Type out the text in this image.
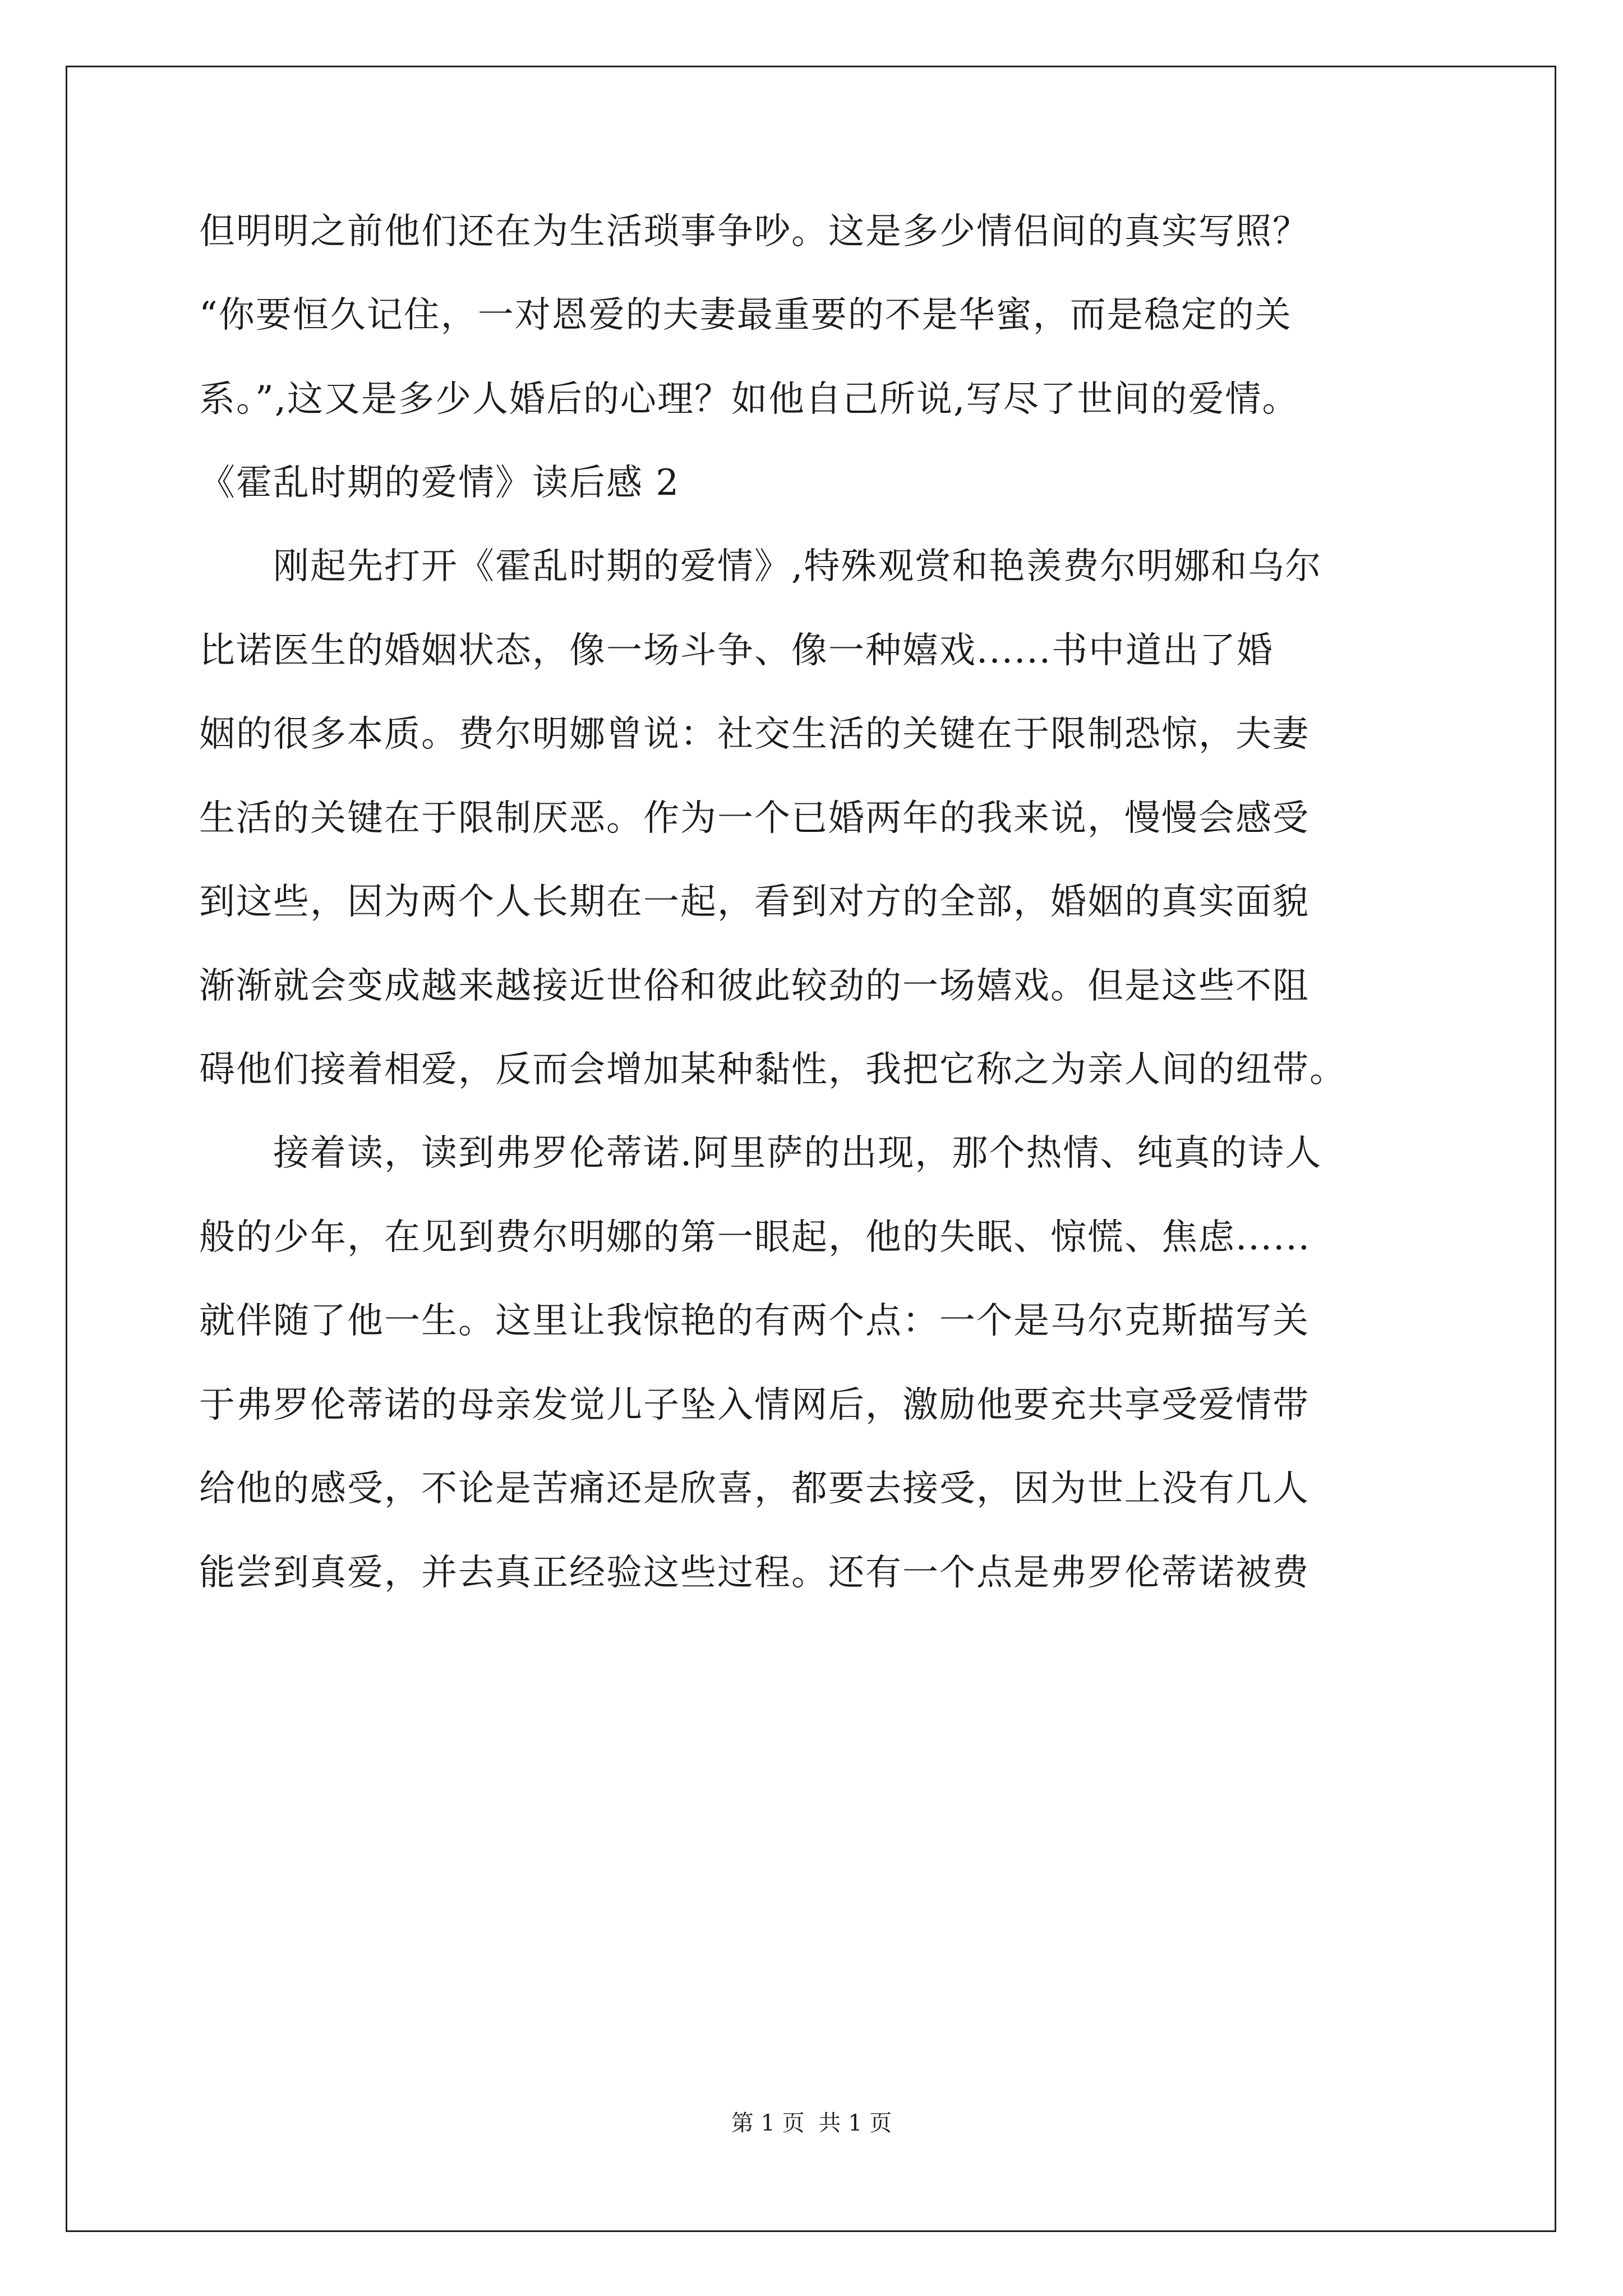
但明明之前他们还在为生活琐事争吵。这是多少情侣间的真实写照？
“你要恒久记住，一对恩爱的夫妻最重要的不是华蜜，而是稳定的关
系。”,这又是多少人婚后的心理？如他自己所说,写尽了世间的爱情。
《霍乱时期的爱情》读后感 2
　　刚起先打开《霍乱时期的爱情》,特殊观赏和艳羡费尔明娜和乌尔
比诺医生的婚姻状态，像一场斗争、像一种嬉戏......书中道出了婚
姻的很多本质。费尔明娜曾说：社交生活的关键在于限制恐惊，夫妻
生活的关键在于限制厌恶。作为一个已婚两年的我来说，慢慢会感受
到这些，因为两个人长期在一起，看到对方的全部，婚姻的真实面貌
渐渐就会变成越来越接近世俗和彼此较劲的一场嬉戏。但是这些不阻
碍他们接着相爱，反而会增加某种黏性，我把它称之为亲人间的纽带。
　　接着读，读到弗罗伦蒂诺.阿里萨的出现，那个热情、纯真的诗人
般的少年，在见到费尔明娜的第一眼起，他的失眠、惊慌、焦虑......
就伴随了他一生。这里让我惊艳的有两个点：一个是马尔克斯描写关
于弗罗伦蒂诺的母亲发觉儿子坠入情网后，激励他要充共享受爱情带
给他的感受，不论是苦痛还是欣喜，都要去接受，因为世上没有几人
能尝到真爱，并去真正经验这些过程。还有一个点是弗罗伦蒂诺被费
第 1 页 共 1 页
